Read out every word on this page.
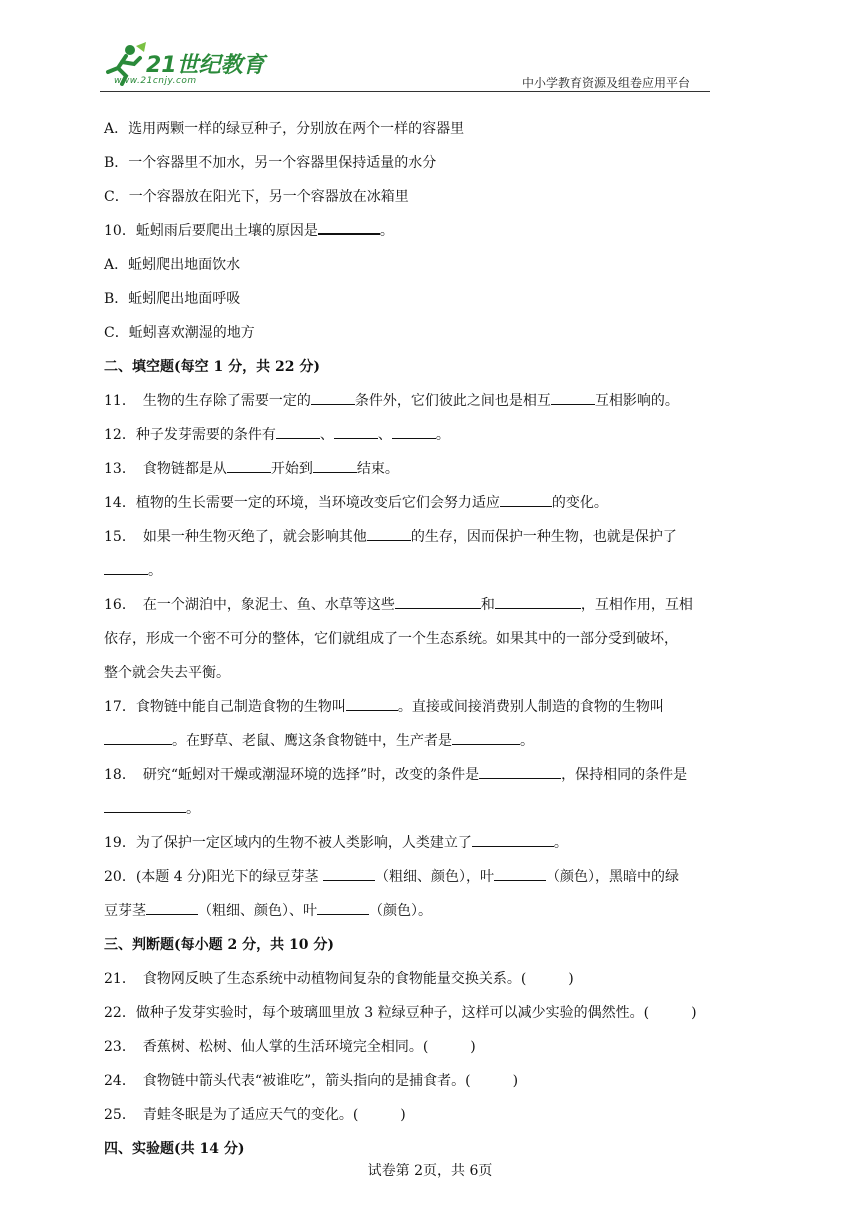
21世纪教育
www.21cnjy.com	中小学教育资源及组卷应用平台
A．选用两颗一样的绿豆种子，分别放在两个一样的容器里
B．一个容器里不加水，另一个容器里保持适量的水分
C．一个容器放在阳光下，另一个容器放在冰箱里
10．蚯蚓雨后要爬出土壤的原因是	。
A．蚯蚓爬出地面饮水
B．蚯蚓爬出地面呼吸
C．蚯蚓喜欢潮湿的地方
二、填空题(每空 1 分，共 22 分)
11．　生物的生存除了需要一定的	条件外，它们彼此之间也是相互	互相影响的。
12．种子发芽需要的条件有	、	、	。
13．　食物链都是从	开始到	结束。
14．植物的生长需要一定的环境，当环境改变后它们会努力适应	的变化。
15．　如果一种生物灭绝了，就会影响其他	的生存，因而保护一种生物，也就是保护了
。
16．　在一个湖泊中，象泥士、鱼、水草等这些	和	，互相作用，互相
依存，形成一个密不可分的整体，它们就组成了一个生态系统。如果其中的一部分受到破坏，
整个就会失去平衡。
17．食物链中能自己制造食物的生物叫	。直接或间接消费别人制造的食物的生物叫
。在野草、老鼠、鹰这条食物链中，生产者是	。
18．　研究“蚯蚓对干燥或潮湿环境的选择”时，改变的条件是	，保持相同的条件是
。
19．为了保护一定区域内的生物不被人类影响，人类建立了	。
20．(本题 4 分)阳光下的绿豆芽茎	（粗细、颜色），叶	（颜色），黑暗中的绿
豆芽茎	（粗细、颜色）、叶	（颜色）。
三、判断题(每小题 2 分，共 10 分)
21．　食物网反映了生态系统中动植物间复杂的食物能量交换关系。(　　　)
22．做种子发芽实验时，每个玻璃皿里放 3 粒绿豆种子，这样可以减少实验的偶然性。(　　　)
23．　香蕉树、松树、仙人掌的生活环境完全相同。(　　　)
24．　食物链中箭头代表“被谁吃”，箭头指向的是捕食者。(　　　)
25．　青蛙冬眠是为了适应天气的变化。(　　　)
四、实验题(共 14 分)
试卷第 2页，共 6页
